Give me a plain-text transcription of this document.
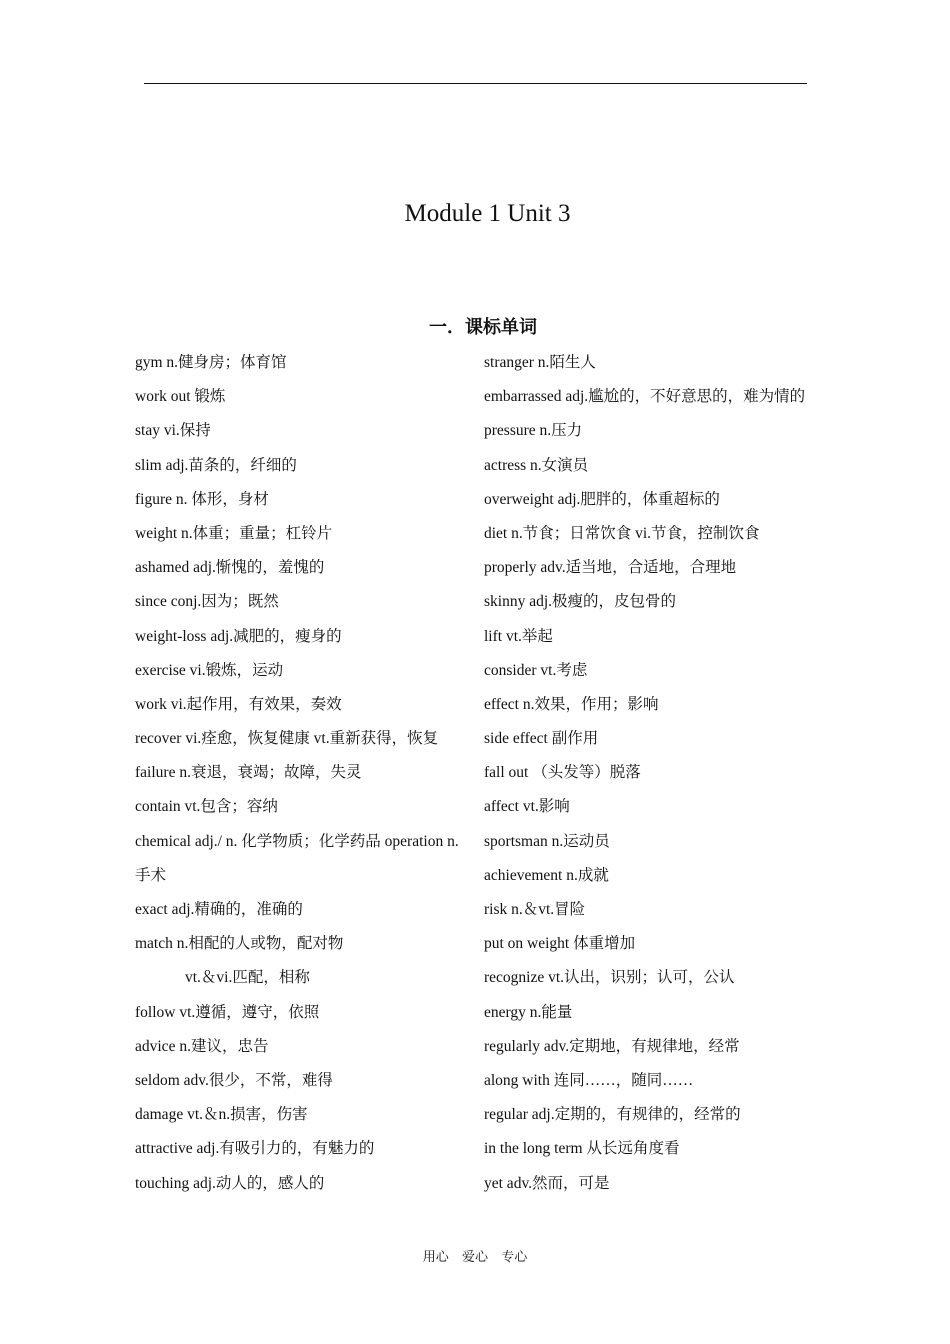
Module 1 Unit 3
一．课标单词
gym n.健身房；体育馆
work out 锻炼
stay vi.保持
slim adj.苗条的，纤细的
figure n. 体形，身材
weight n.体重；重量；杠铃片
ashamed adj.惭愧的，羞愧的
since conj.因为；既然
weight-loss adj.减肥的，瘦身的
exercise vi.锻炼，运动
work vi.起作用，有效果，奏效
recover vi.痊愈，恢复健康 vt.重新获得，恢复
failure n.衰退，衰竭；故障，失灵
contain vt.包含；容纳
chemical adj./ n. 化学物质；化学药品 operation n.
手术
exact adj.精确的，准确的
match n.相配的人或物，配对物
vt.＆vi.匹配，相称
follow vt.遵循，遵守，依照
advice n.建议，忠告
seldom adv.很少，不常，难得
damage vt.＆n.损害，伤害
attractive adj.有吸引力的，有魅力的
touching adj.动人的，感人的
stranger n.陌生人
embarrassed adj.尴尬的，不好意思的，难为情的
pressure n.压力
actress n.女演员
overweight adj.肥胖的，体重超标的
diet n.节食；日常饮食 vi.节食，控制饮食
properly adv.适当地，合适地，合理地
skinny adj.极瘦的，皮包骨的
lift vt.举起
consider vt.考虑
effect n.效果，作用；影响
side effect 副作用
fall out （头发等）脱落
affect vt.影响
sportsman n.运动员
achievement n.成就
risk n.＆vt.冒险
put on weight 体重增加
recognize vt.认出，识别；认可，公认
energy n.能量
regularly adv.定期地，有规律地，经常
along with 连同……，随同……
regular adj.定期的，有规律的，经常的
in the long term 从长远角度看
yet adv.然而，可是
用心 爱心 专心
